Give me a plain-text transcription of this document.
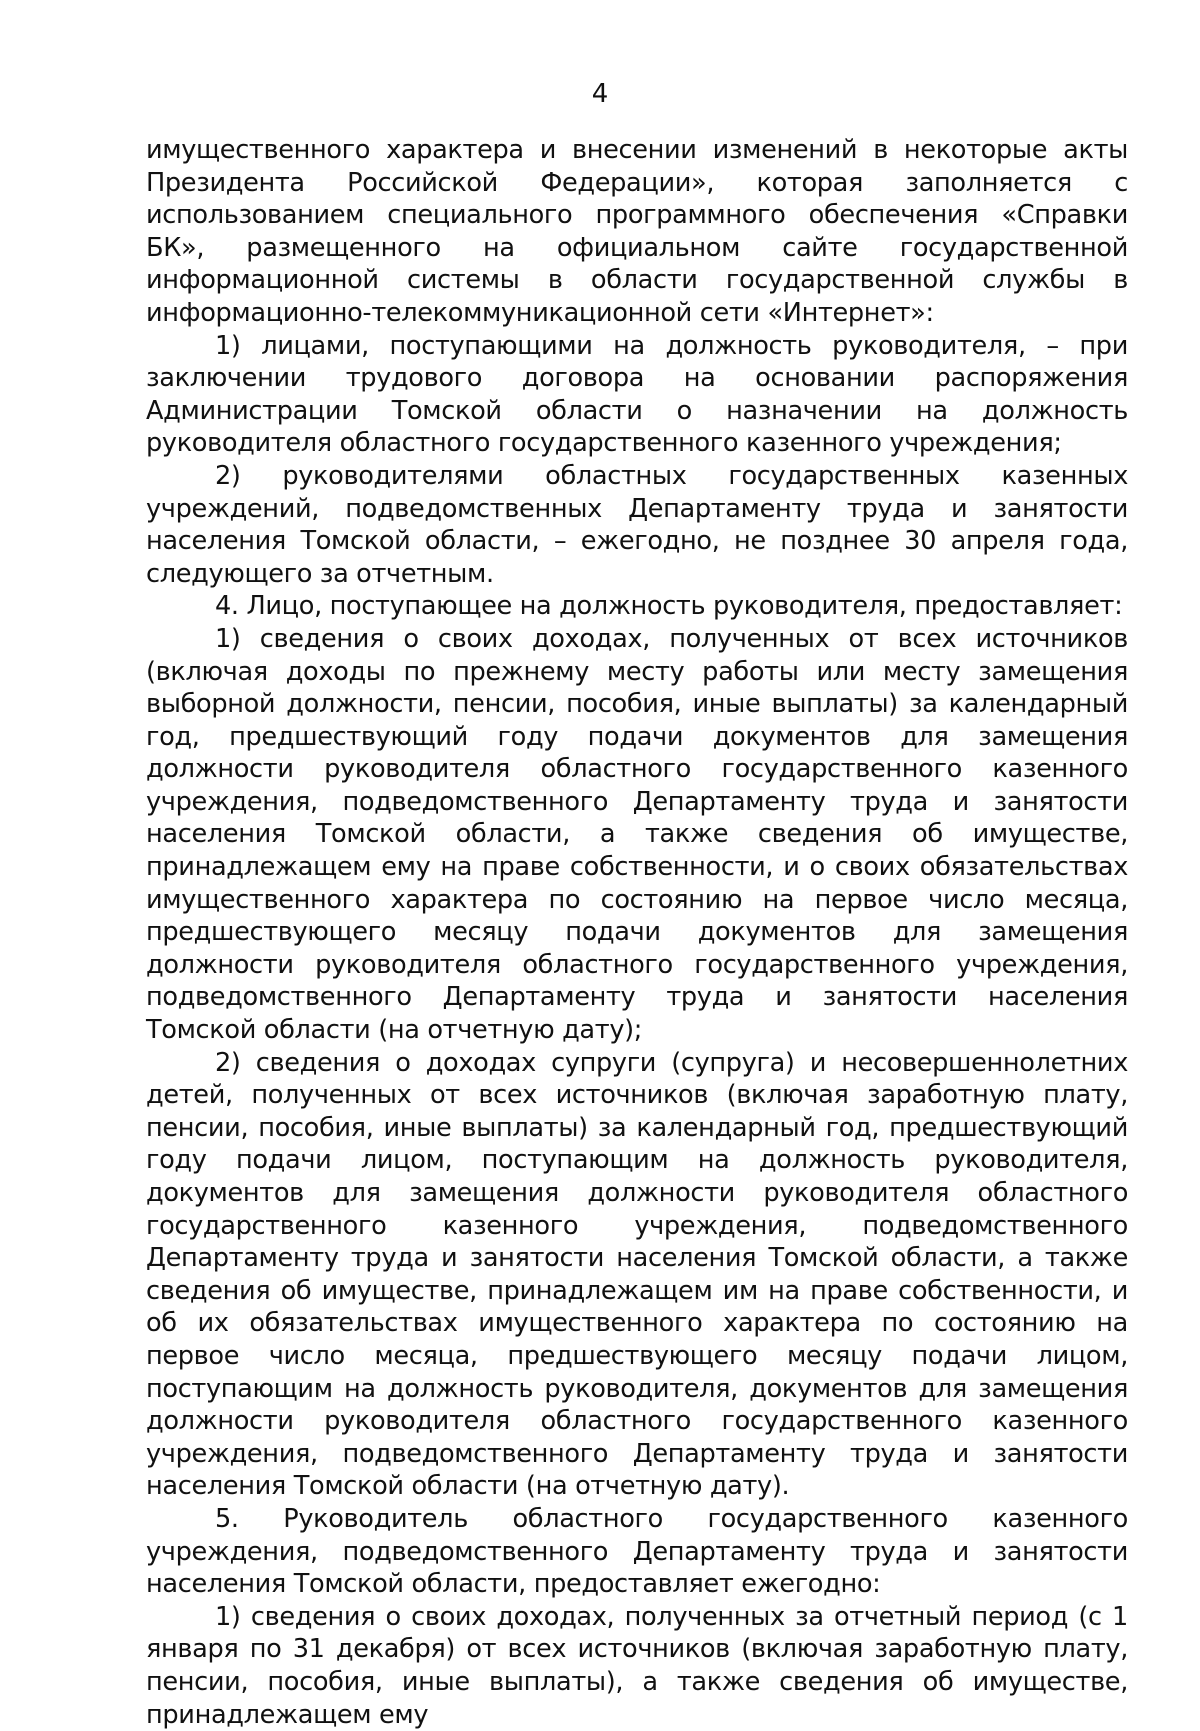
4

имущественного характера и внесении изменений в некоторые акты Президента Российской Федерации», которая заполняется с использованием специального программного обеспечения «Справки БК», размещенного на официальном сайте государственной информационной системы в области государственной службы в информационно-телекоммуникационной сети «Интернет»:

1) лицами, поступающими на должность руководителя, – при заключении трудового договора на основании распоряжения Администрации Томской области о назначении на должность руководителя областного государственного казенного учреждения;

2) руководителями областных государственных казенных учреждений, подведомственных Департаменту труда и занятости населения Томской области, – ежегодно, не позднее 30 апреля года, следующего за отчетным.

4. Лицо, поступающее на должность руководителя, предоставляет:

1) сведения о своих доходах, полученных от всех источников (включая доходы по прежнему месту работы или месту замещения выборной должности, пенсии, пособия, иные выплаты) за календарный год, предшествующий году подачи документов для замещения должности руководителя областного государственного казенного учреждения, подведомственного Департаменту труда и занятости населения Томской области, а также сведения об имуществе, принадлежащем ему на праве собственности, и о своих обязательствах имущественного характера по состоянию на первое число месяца, предшествующего месяцу подачи документов для замещения должности руководителя областного государственного учреждения, подведомственного Департаменту труда и занятости населения Томской области (на отчетную дату);

2) сведения о доходах супруги (супруга) и несовершеннолетних детей, полученных от всех источников (включая заработную плату, пенсии, пособия, иные выплаты) за календарный год, предшествующий году подачи лицом, поступающим на должность руководителя, документов для замещения должности руководителя областного государственного казенного учреждения, подведомственного Департаменту труда и занятости населения Томской области, а также сведения об имуществе, принадлежащем им на праве собственности, и об их обязательствах имущественного характера по состоянию на первое число месяца, предшествующего месяцу подачи лицом, поступающим на должность руководителя, документов для замещения должности руководителя областного государственного казенного учреждения, подведомственного Департаменту труда и занятости населения Томской области (на отчетную дату).

5. Руководитель областного государственного казенного учреждения, подведомственного Департаменту труда и занятости населения Томской области, предоставляет ежегодно:

1) сведения о своих доходах, полученных за отчетный период (с 1 января по 31 декабря) от всех источников (включая заработную плату, пенсии, пособия, иные выплаты), а также сведения об имуществе, принадлежащем ему
